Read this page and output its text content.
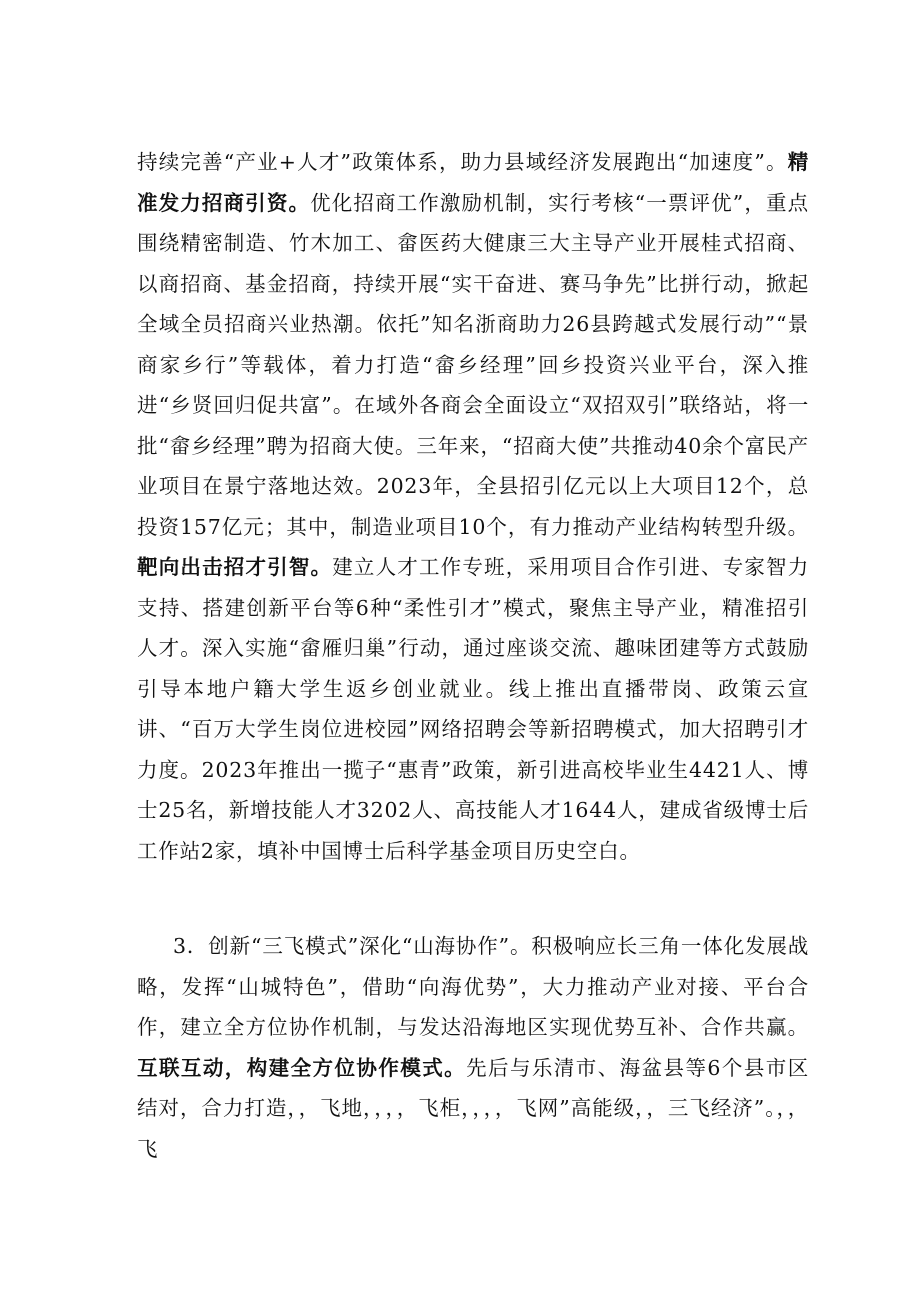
持续完善“产业+人才”政策体系，助力县域经济发展跑出“加速度”。精准发力招商引资。优化招商工作激励机制，实行考核“一票评优”，重点围绕精密制造、竹木加工、畲医药大健康三大主导产业开展桂式招商、以商招商、基金招商，持续开展“实干奋进、赛马争先”比拼行动，掀起全域全员招商兴业热潮。依托”知名浙商助力26县跨越式发展行动”“景商家乡行”等载体，着力打造“畲乡经理”回乡投资兴业平台，深入推进“乡贤回归促共富”。在域外各商会全面设立“双招双引”联络站，将一批“畲乡经理”聘为招商大使。三年来，“招商大使”共推动40余个富民产业项目在景宁落地达效。2023年，全县招引亿元以上大项目12个，总投资157亿元；其中，制造业项目10个，有力推动产业结构转型升级。靶向出击招才引智。建立人才工作专班，采用项目合作引进、专家智力支持、搭建创新平台等6种“柔性引才”模式，聚焦主导产业，精准招引人才。深入实施“畲雁归巢”行动，通过座谈交流、趣味团建等方式鼓励引导本地户籍大学生返乡创业就业。线上推出直播带岗、政策云宣讲、“百万大学生岗位进校园”网络招聘会等新招聘模式，加大招聘引才力度。2023年推出一揽子“惠青”政策，新引进高校毕业生4421人、博士25名，新增技能人才3202人、高技能人才1644人，建成省级博士后工作站2家，填补中国博士后科学基金项目历史空白。

3．创新“三飞模式”深化“山海协作”。积极响应长三角一体化发展战略，发挥“山城特色”，借助“向海优势”，大力推动产业对接、平台合作，建立全方位协作机制，与发达沿海地区实现优势互补、合作共赢。互联互动，构建全方位协作模式。先后与乐清市、海盆县等6个县市区结对，合力打造，，飞地，，，，飞柜，，，，飞网”高能级，，三飞经济”。，，飞
